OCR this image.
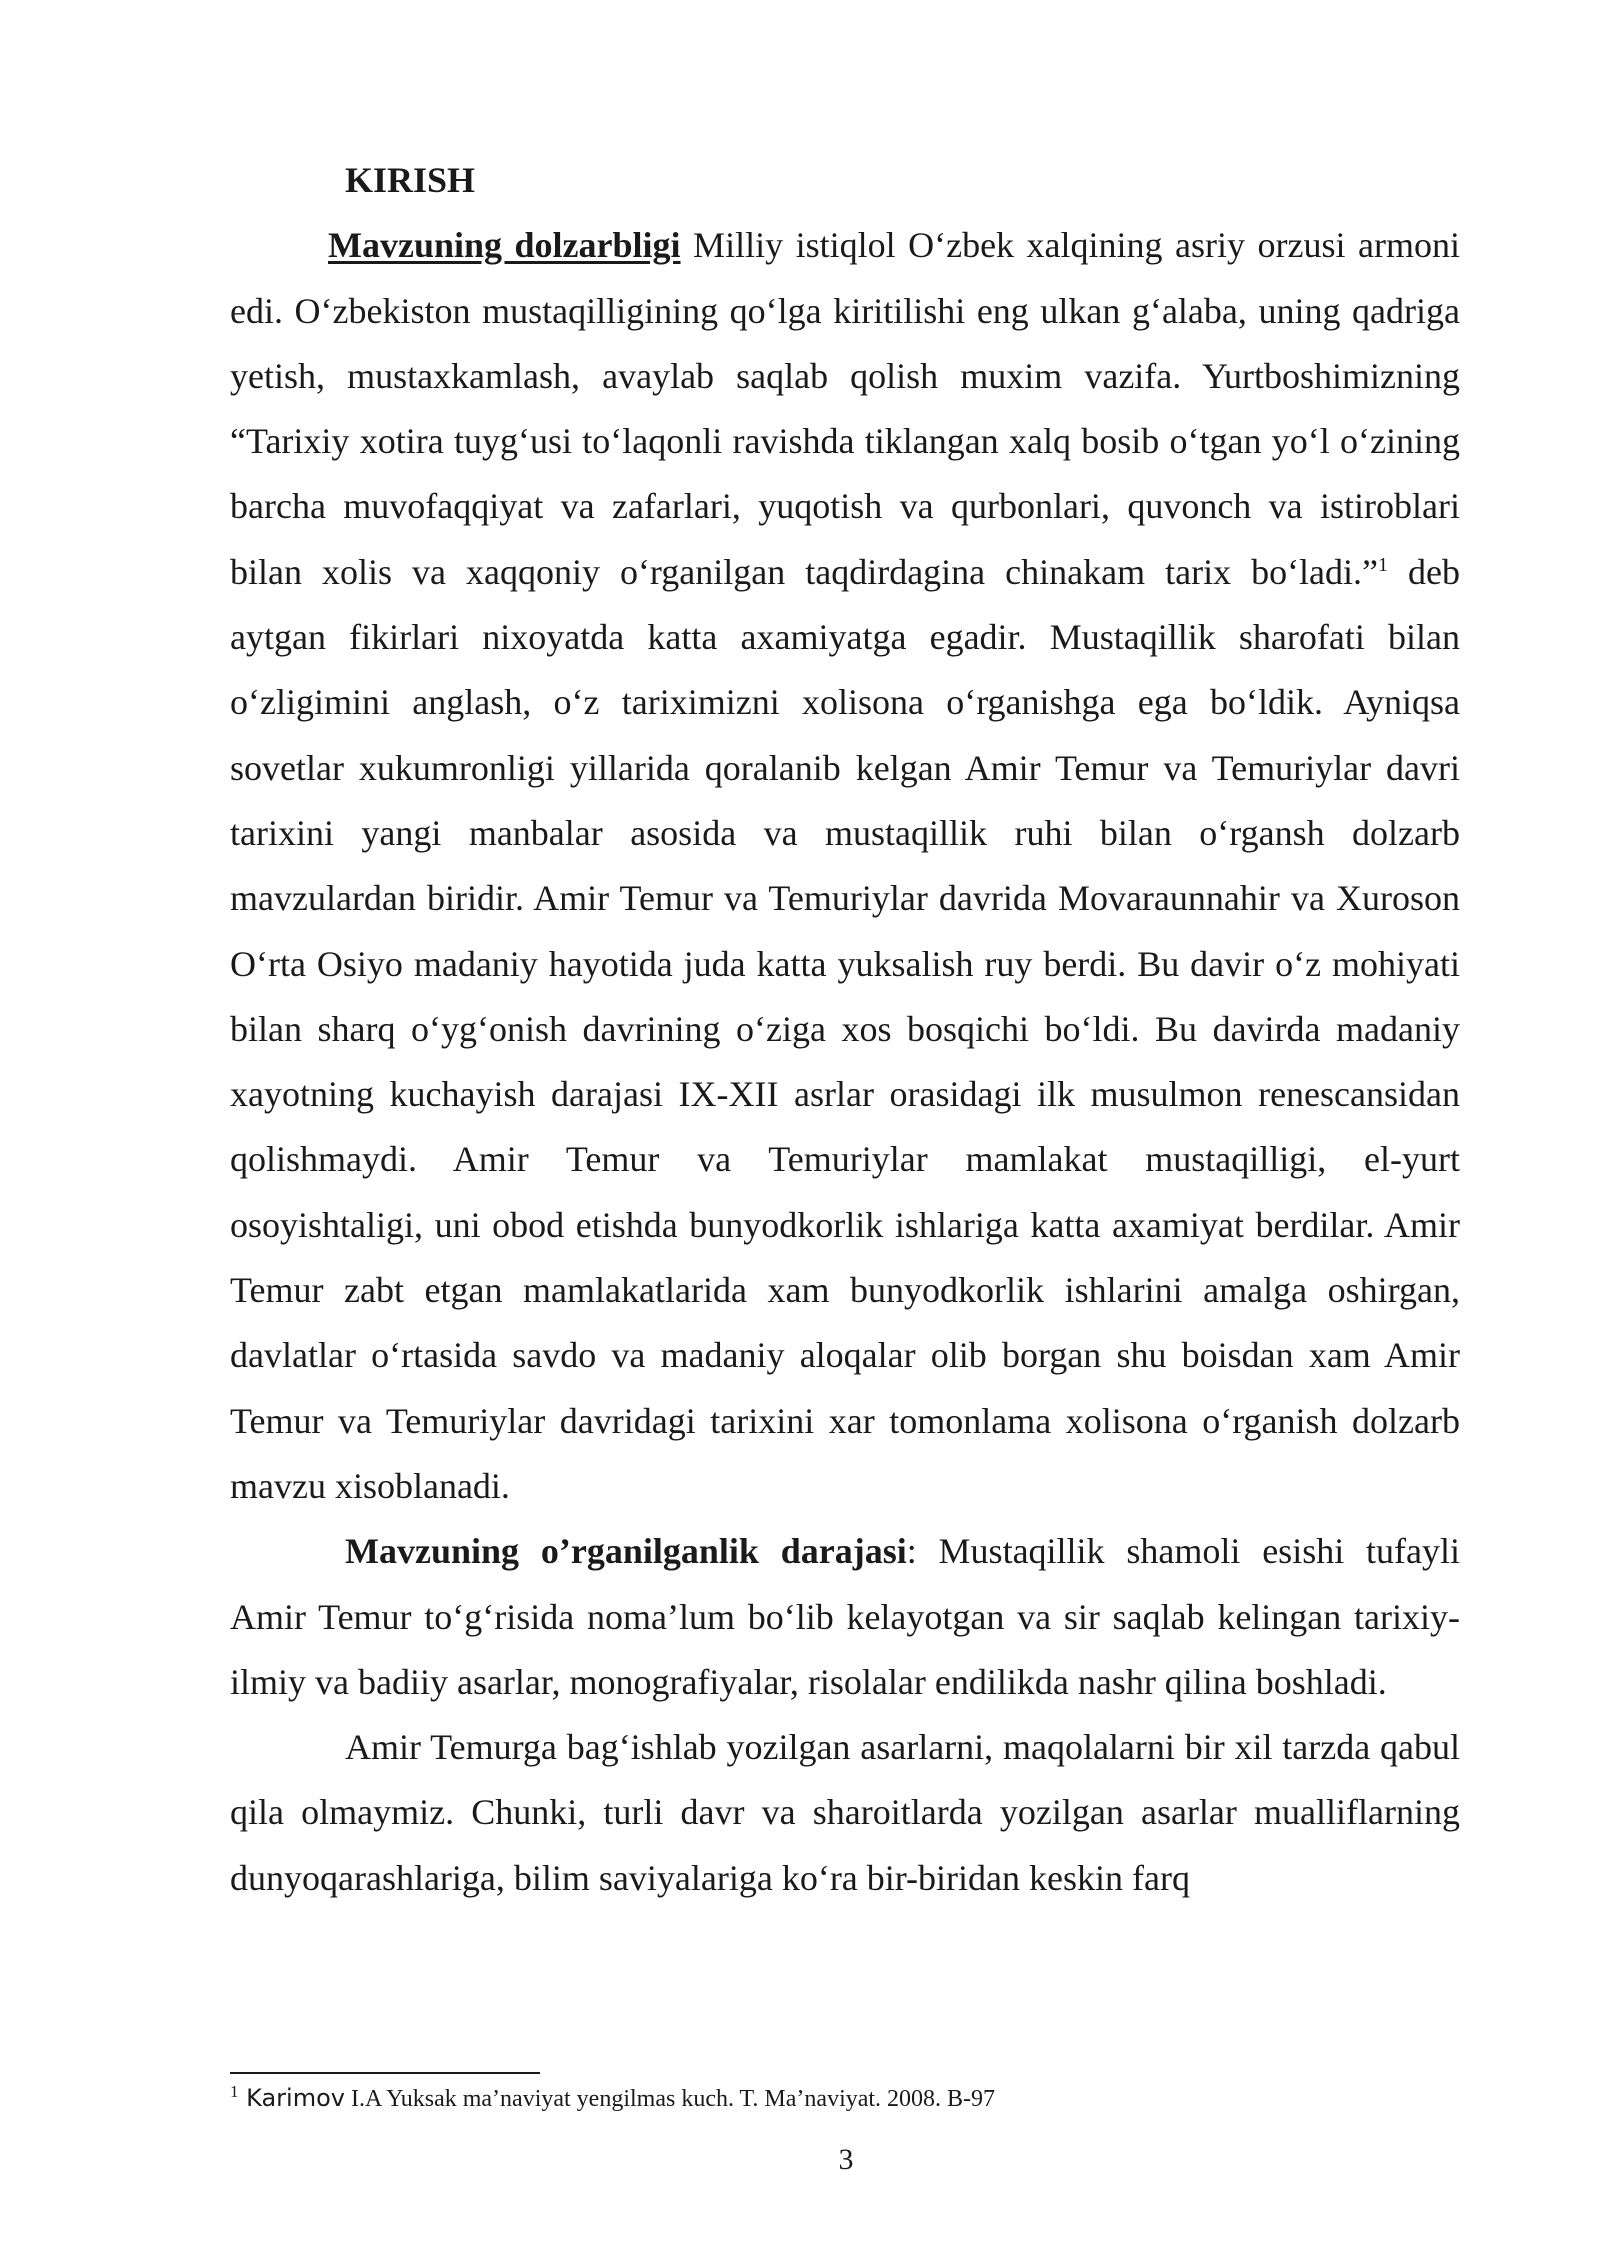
KIRISH

Mavzuning dolzarbligi Milliy istiqlol O‘zbek xalqining asriy orzusi armoni edi. O‘zbekiston mustaqilligining qo‘lga kiritilishi eng ulkan g‘alaba, uning qadriga yetish, mustaxkamlash, avaylab saqlab qolish muxim vazifa. Yurtboshimizning “Tarixiy xotira tuyg‘usi to‘laqonli ravishda tiklangan xalq bosib o‘tgan yo‘l o‘zining barcha muvofaqqiyat va zafarlari, yuqotish va qurbonlari, quvonch va istiroblari bilan xolis va xaqqoniy o‘rganilgan taqdirdagina chinakam tarix bo‘ladi.”$^1$ deb aytgan fikirlari nixoyatda katta axamiyatga egadir. Mustaqillik sharofati bilan o‘zligimini anglash, o‘z tariximizni xolisona o‘rganishga ega bo‘ldik. Ayniqsa sovetlar xukumronligi yillarida qoralanib kelgan Amir Temur va Temuriylar davri tarixini yangi manbalar asosida va mustaqillik ruhi bilan o‘rgansh dolzarb mavzulardan biridir. Amir Temur va Temuriylar davrida Movaraunnahir va Xuroson O‘rta Osiyo madaniy hayotida juda katta yuksalish ruy berdi. Bu davir o‘z mohiyati bilan sharq o‘yg‘onish davrining o‘ziga xos bosqichi bo‘ldi. Bu davirda madaniy xayotning kuchayish darajasi IX-XII asrlar orasidagi ilk musulmon renescansidan qolishmaydi. Amir Temur va Temuriylar mamlakat mustaqilligi, el-yurt osoyishtaligi, uni obod etishda bunyodkorlik ishlariga katta axamiyat berdilar. Amir Temur zabt etgan mamlakatlarida xam bunyodkorlik ishlarini amalga oshirgan, davlatlar o‘rtasida savdo va madaniy aloqalar olib borgan shu boisdan xam Amir Temur va Temuriylar davridagi tarixini xar tomonlama xolisona o‘rganish dolzarb mavzu xisoblanadi.

Mavzuning o’rganilganlik darajasi: Mustaqillik shamoli esishi tufayli Amir Temur to‘g‘risida noma’lum bo‘lib kelayotgan va sir saqlab kelingan tarixiy-ilmiy va badiiy asarlar, monografiyalar, risolalar endilikda nashr qilina boshladi.

Amir Temurga bag‘ishlab yozilgan asarlarni, maqolalarni bir xil tarzda qabul qila olmaymiz. Chunki, turli davr va sharoitlarda yozilgan asarlar mualliflarning dunyoqarashlariga, bilim saviyalariga ko‘ra bir-biridan keskin farq

$^1$ Karimov I.A Yuksak ma’naviyat yengilmas kuch. T. Ma’naviyat. 2008. B-97
3
